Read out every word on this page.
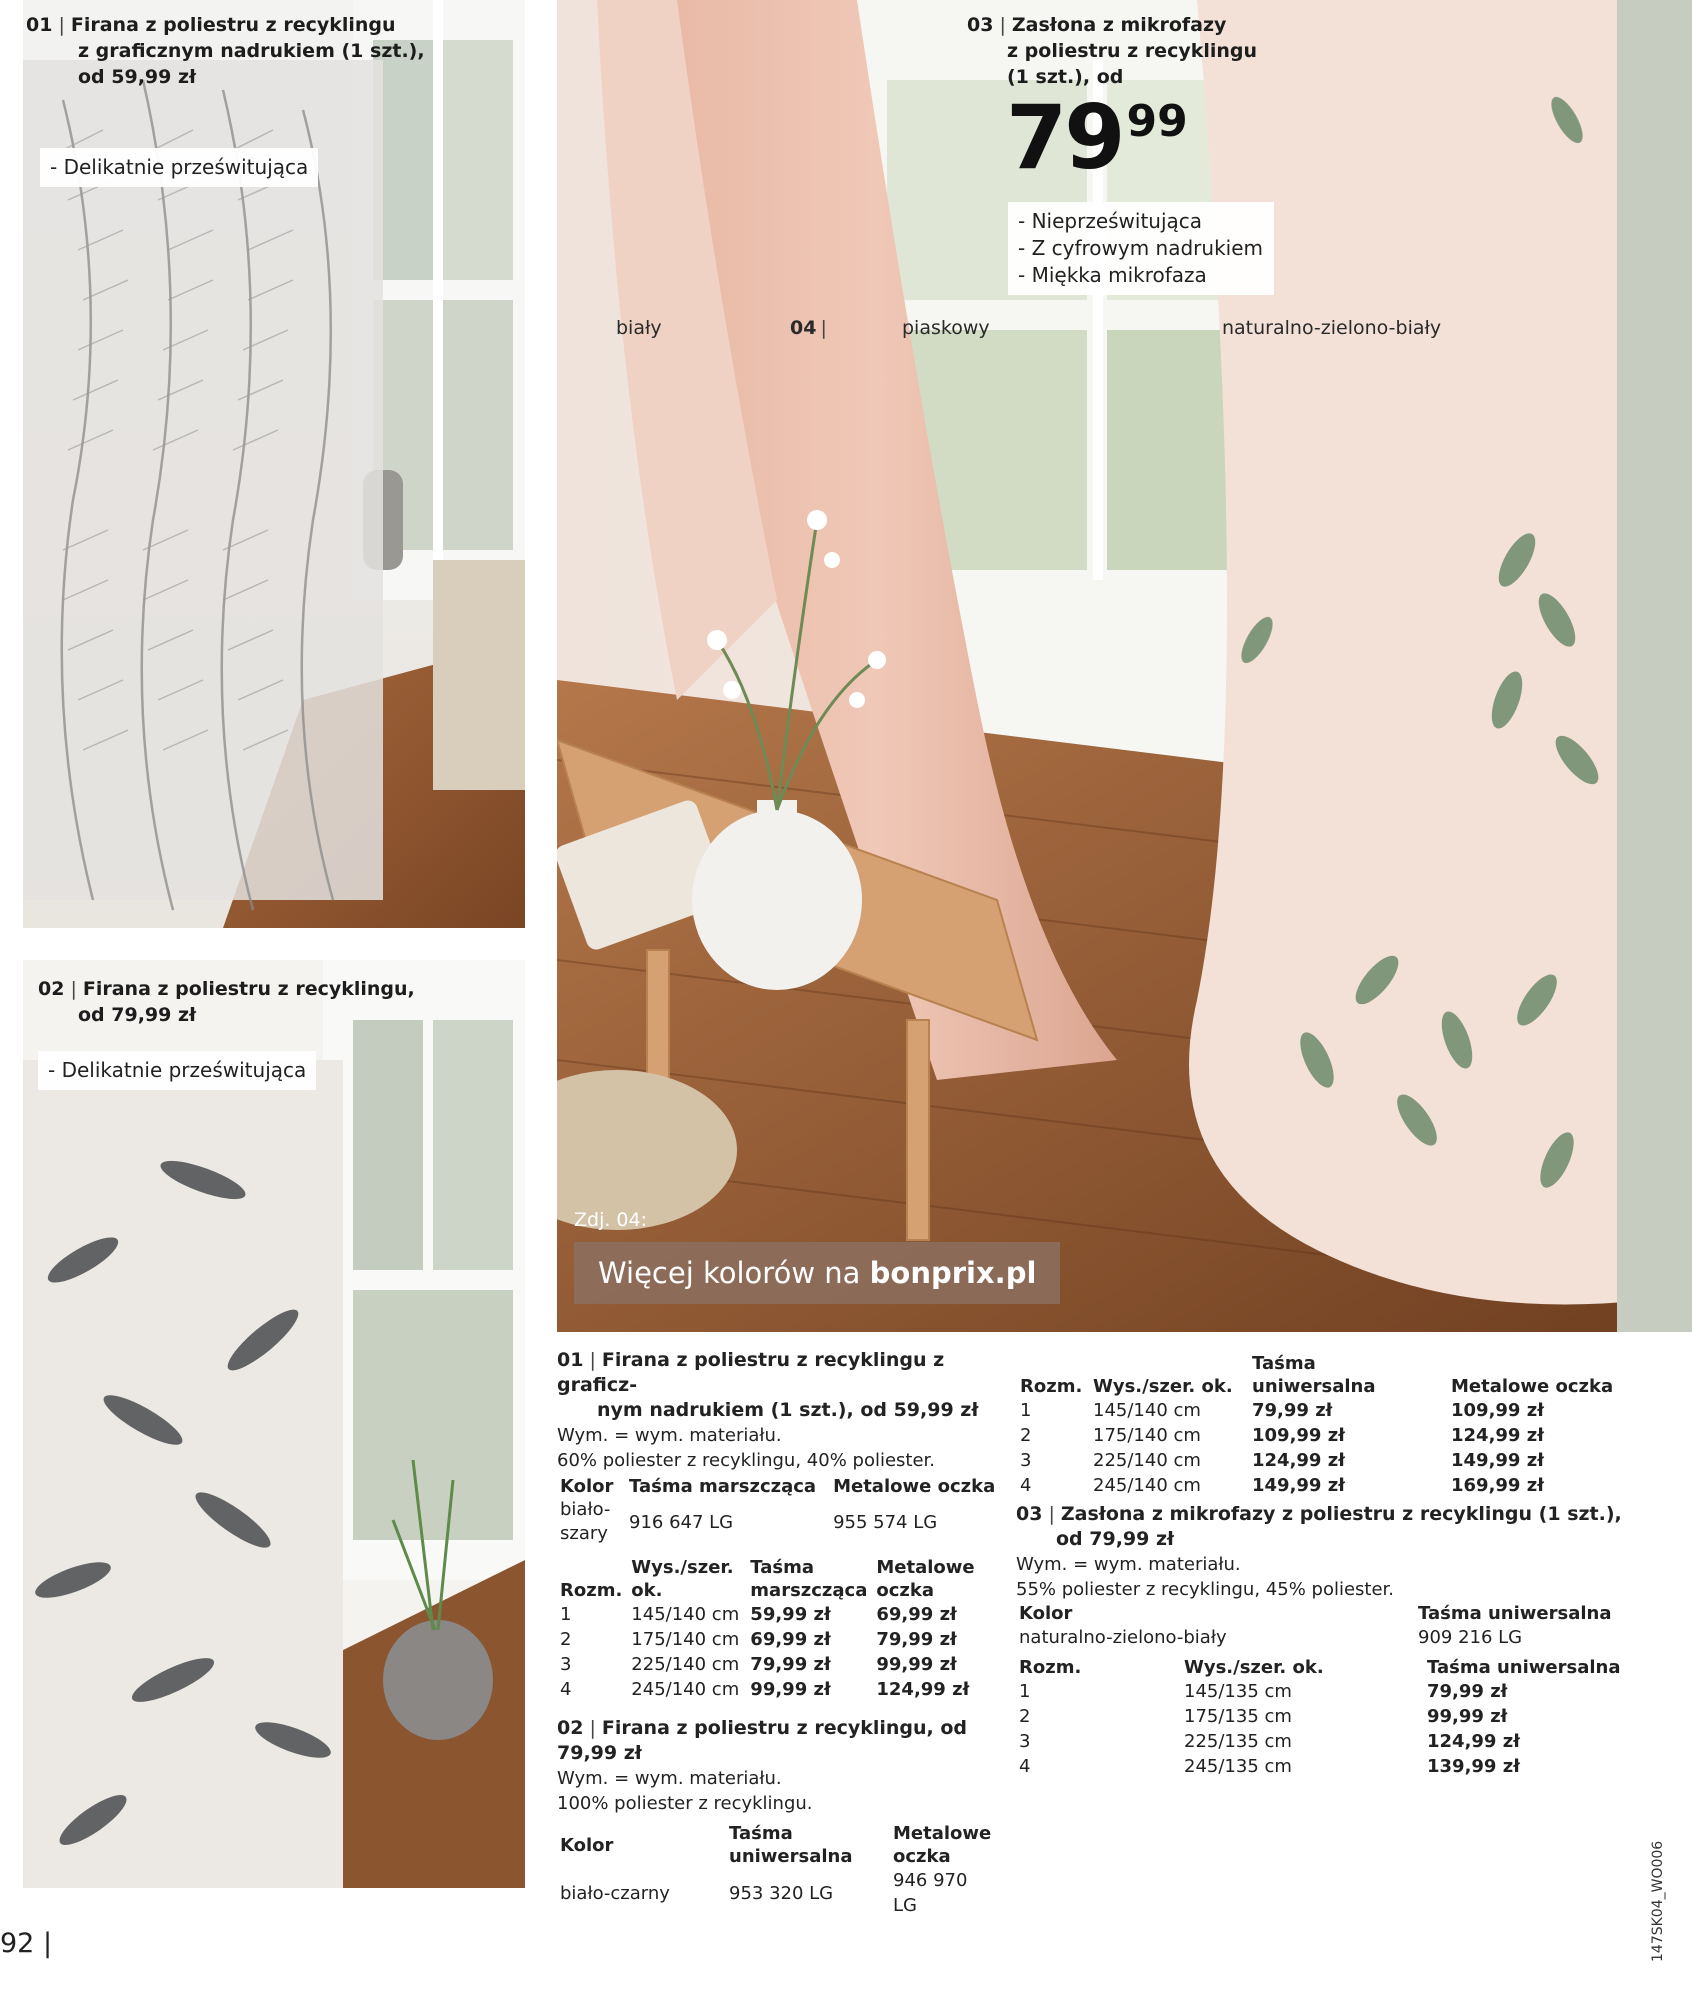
01 | Firana z poliestru z recyklingu
z graficznym nadrukiem (1 szt.),
od 59,99 zł
- Delikatnie prześwitująca
02 | Firana z poliestru z recyklingu,
od 79,99 zł
- Delikatnie prześwitująca
03 | Zasłona z mikrofazy
z poliestru z recyklingu
(1 szt.), od
$79^{99}$
- Nieprześwitująca
- Z cyfrowym nadrukiem
- Miękka mikrofaza
biały	04 |	piaskowy	naturalno-zielono-biały
Zdj. 04:
Więcej kolorów na bonprix.pl
01 | Firana z poliestru z recyklingu z graficz-
nym nadrukiem (1 szt.), od 59,99 zł
Wym. = wym. materiału.
60% poliester z recyklingu, 40% poliester.
Kolor	Taśma marszcząca	Metalowe oczka
biało-szary	916 647 LG	955 574 LG
Rozm.	Wys./szer. ok.	Taśma marszcząca	Metalowe oczka
1	145/140 cm	59,99 zł	69,99 zł
2	175/140 cm	69,99 zł	79,99 zł
3	225/140 cm	79,99 zł	99,99 zł
4	245/140 cm	99,99 zł	124,99 zł
02 | Firana z poliestru z recyklingu, od 79,99 zł
Wym. = wym. materiału.
100% poliester z recyklingu.
Kolor	Taśma uniwersalna	Metalowe oczka
biało-czarny	953 320 LG	946 970 LG
Rozm.	Wys./szer. ok.	Taśma uniwersalna	Metalowe oczka
1	145/140 cm	79,99 zł	109,99 zł
2	175/140 cm	109,99 zł	124,99 zł
3	225/140 cm	124,99 zł	149,99 zł
4	245/140 cm	149,99 zł	169,99 zł
03 | Zasłona z mikrofazy z poliestru z recyklingu (1 szt.),
od 79,99 zł
Wym. = wym. materiału.
55% poliester z recyklingu, 45% poliester.
Kolor	Taśma uniwersalna
naturalno-zielono-biały	909 216 LG
Rozm.	Wys./szer. ok.	Taśma uniwersalna
1	145/135 cm	79,99 zł
2	175/135 cm	99,99 zł
3	225/135 cm	124,99 zł
4	245/135 cm	139,99 zł
92 |	147SK04_WO006
